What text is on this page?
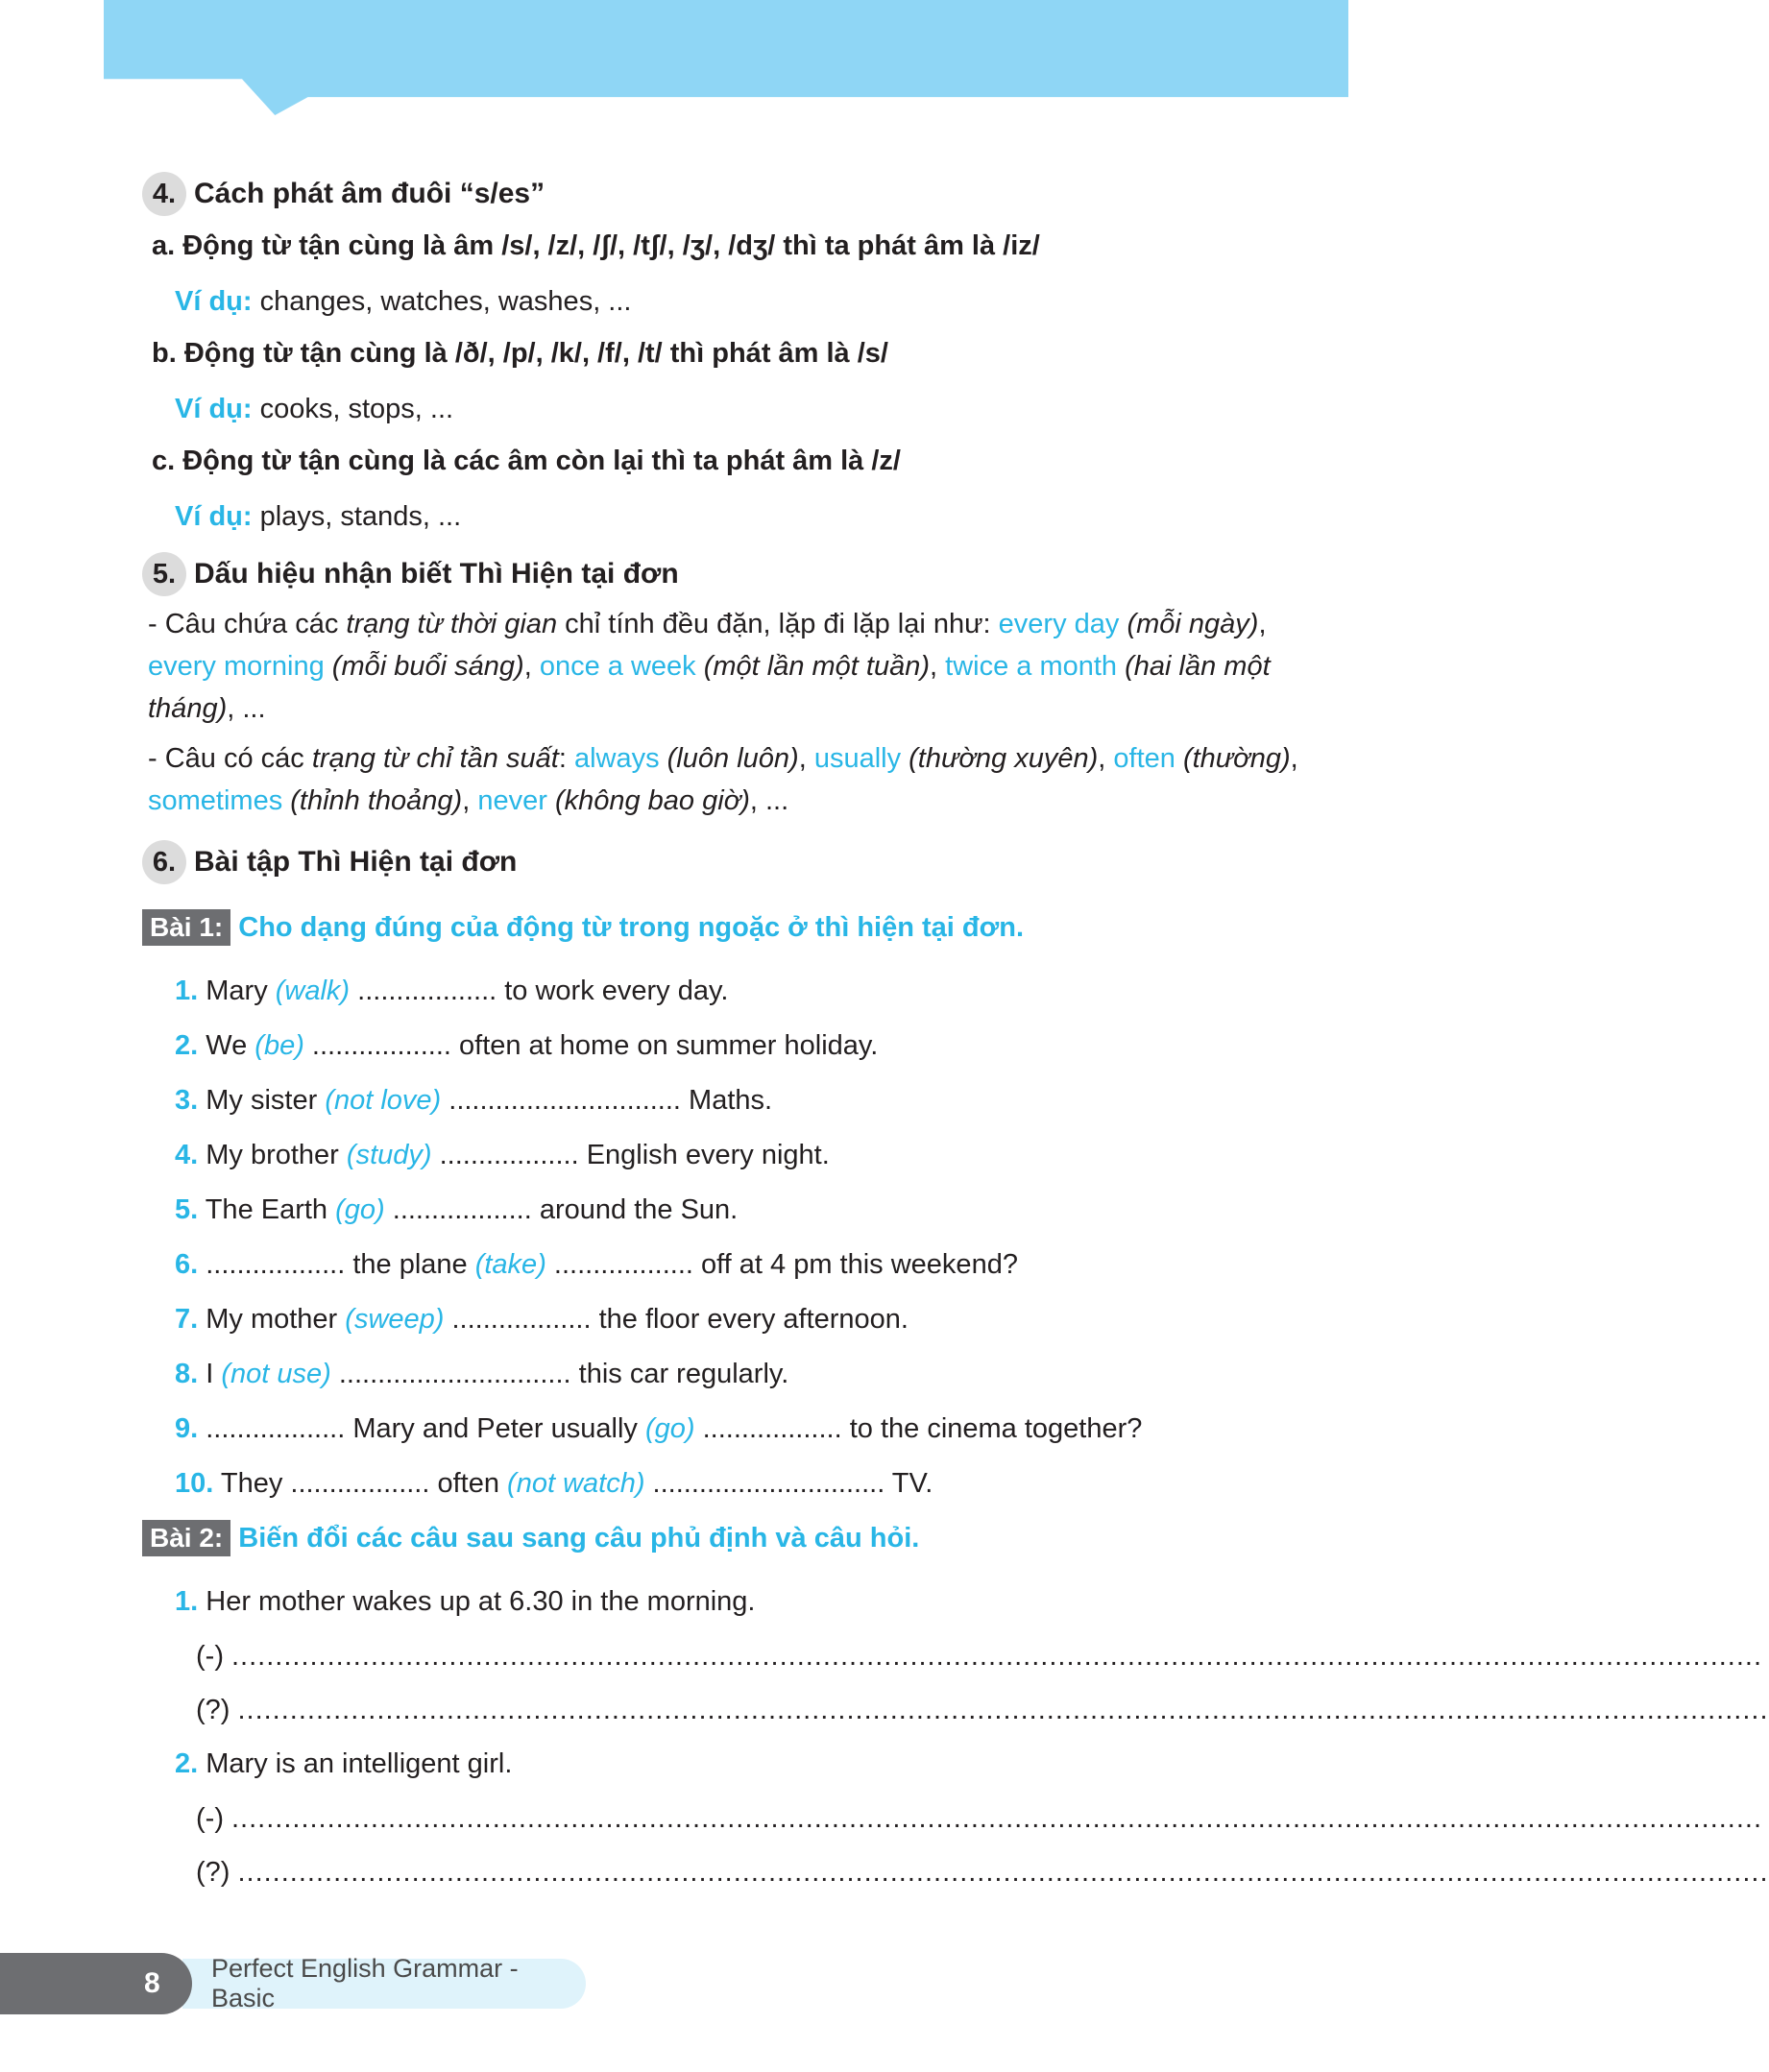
4. Cách phát âm đuôi “s/es”
a. Động từ tận cùng là âm /s/, /z/, /ʃ/, /tʃ/, /ʒ/, /dʒ/ thì ta phát âm là /iz/
Ví dụ: changes, watches, washes, ...
b. Động từ tận cùng là /ð/, /p/, /k/, /f/, /t/ thì phát âm là /s/
Ví dụ: cooks, stops, ...
c. Động từ tận cùng là các âm còn lại thì ta phát âm là /z/
Ví dụ: plays, stands, ...
5. Dấu hiệu nhận biết Thì Hiện tại đơn
- Câu chứa các trạng từ thời gian chỉ tính đều đặn, lặp đi lặp lại như: every day (mỗi ngày), every morning (mỗi buổi sáng), once a week (một lần một tuần), twice a month (hai lần một tháng), ...
- Câu có các trạng từ chỉ tần suất: always (luôn luôn), usually (thường xuyên), often (thường), sometimes (thỉnh thoảng), never (không bao giờ), ...
6. Bài tập Thì Hiện tại đơn
Bài 1: Cho dạng đúng của động từ trong ngoặc ở thì hiện tại đơn.
1. Mary (walk) .................. to work every day.
2. We (be) .................. often at home on summer holiday.
3. My sister (not love) .............................. Maths.
4. My brother (study) .................. English every night.
5. The Earth (go) .................. around the Sun.
6. .................. the plane (take) .................. off at 4 pm this weekend?
7. My mother (sweep) .................. the floor every afternoon.
8. I (not use) .............................. this car regularly.
9. .................. Mary and Peter usually (go) .................. to the cinema together?
10. They .................. often (not watch) .............................. TV.
Bài 2: Biến đổi các câu sau sang câu phủ định và câu hỏi.
1. Her mother wakes up at 6.30 in the morning.
(-) ................................................................................................................................................................................
(?) ................................................................................................................................................................................
2. Mary is an intelligent girl.
(-) ................................................................................................................................................................................
(?) ................................................................................................................................................................................
Perfect English Grammar - Basic
8
